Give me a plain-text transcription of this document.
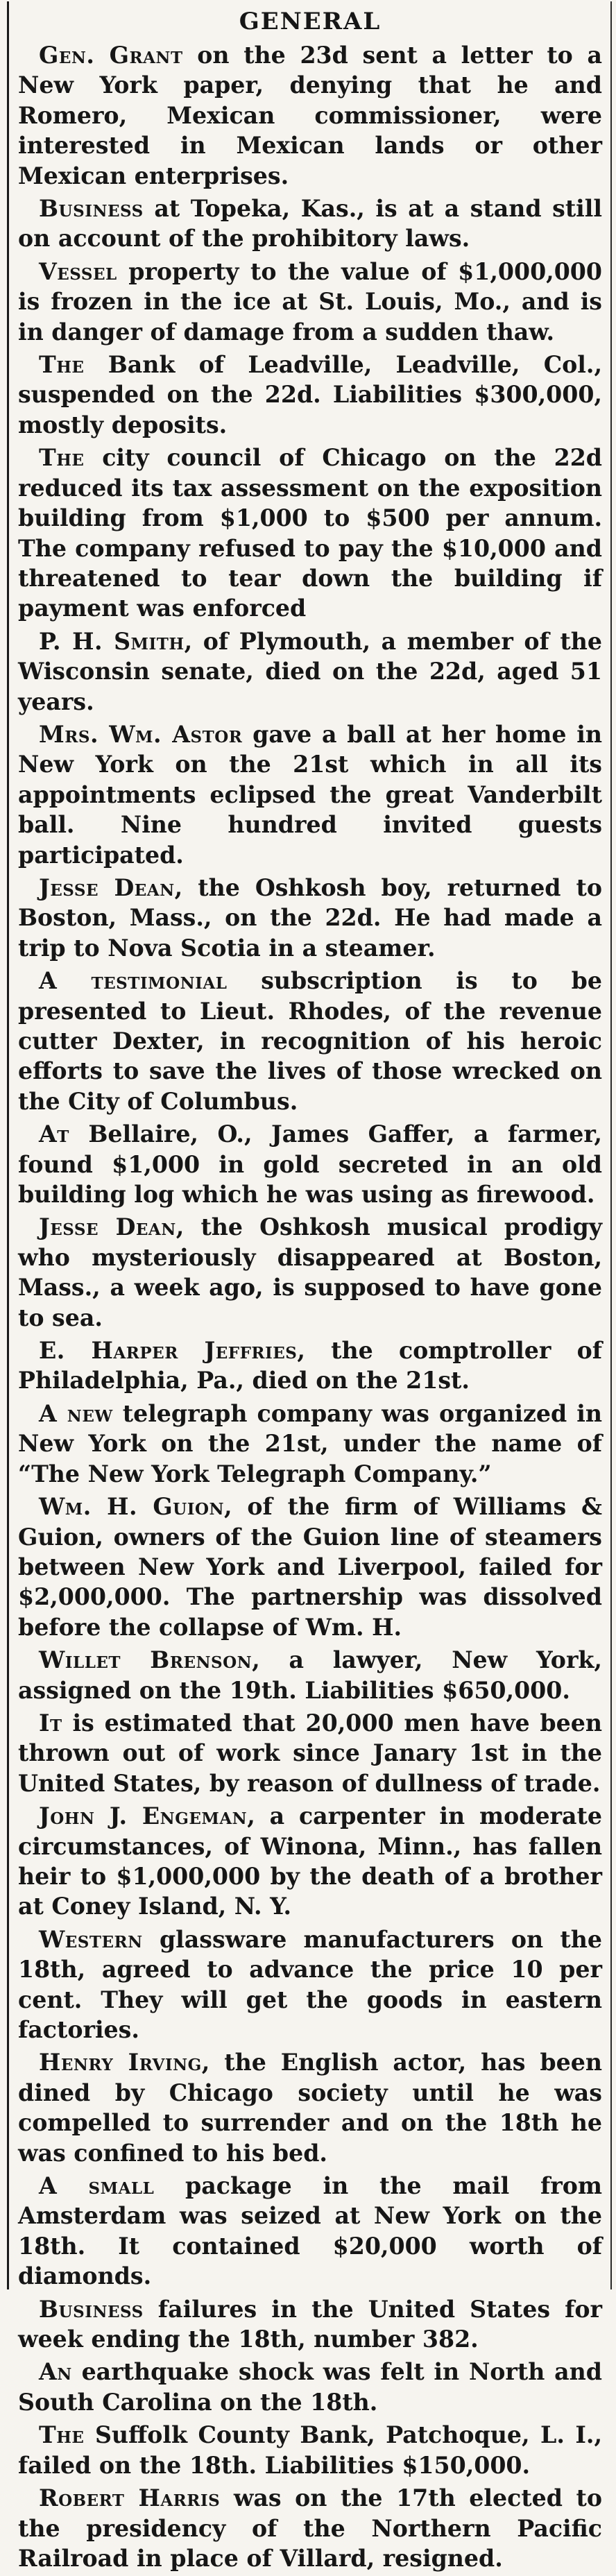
GENERAL

Gen. Grant on the 23d sent a letter to a New York paper, denying that he and Romero, Mexican commissioner, were interested in Mexican lands or other Mexican enterprises.

Business at Topeka, Kas., is at a stand still on account of the prohibitory laws.

Vessel property to the value of $1,000,000 is frozen in the ice at St. Louis, Mo., and is in danger of damage from a sudden thaw.

The Bank of Leadville, Leadville, Col., suspended on the 22d. Liabilities $300,000, mostly deposits.

The city council of Chicago on the 22d reduced its tax assessment on the exposition building from $1,000 to $500 per annum. The company refused to pay the $10,000 and threatened to tear down the building if payment was enforced

P. H. Smith, of Plymouth, a member of the Wisconsin senate, died on the 22d, aged 51 years.

Mrs. Wm. Astor gave a ball at her home in New York on the 21st which in all its appointments eclipsed the great Vanderbilt ball. Nine hundred invited guests participated.

Jesse Dean, the Oshkosh boy, returned to Boston, Mass., on the 22d. He had made a trip to Nova Scotia in a steamer.

A testimonial subscription is to be presented to Lieut. Rhodes, of the revenue cutter Dexter, in recognition of his heroic efforts to save the lives of those wrecked on the City of Columbus.

At Bellaire, O., James Gaffer, a farmer, found $1,000 in gold secreted in an old building log which he was using as firewood.

Jesse Dean, the Oshkosh musical prodigy who mysteriously disappeared at Boston, Mass., a week ago, is supposed to have gone to sea.

E. Harper Jeffries, the comptroller of Philadelphia, Pa., died on the 21st.

A new telegraph company was organized in New York on the 21st, under the name of “The New York Telegraph Company.”

Wm. H. Guion, of the firm of Williams & Guion, owners of the Guion line of steamers between New York and Liverpool, failed for $2,000,000. The partnership was dissolved before the collapse of Wm. H.

Willet Brenson, a lawyer, New York, assigned on the 19th. Liabilities $650,000.

It is estimated that 20,000 men have been thrown out of work since Janary 1st in the United States, by reason of dullness of trade.

John J. Engeman, a carpenter in moderate circumstances, of Winona, Minn., has fallen heir to $1,000,000 by the death of a brother at Coney Island, N. Y.

Western glassware manufacturers on the 18th, agreed to advance the price 10 per cent. They will get the goods in eastern factories.

Henry Irving, the English actor, has been dined by Chicago society until he was compelled to surrender and on the 18th he was confined to his bed.

A small package in the mail from Amsterdam was seized at New York on the 18th. It contained $20,000 worth of diamonds.

Business failures in the United States for week ending the 18th, number 382.

An earthquake shock was felt in North and South Carolina on the 18th.

The Suffolk County Bank, Patchoque, L. I., failed on the 18th. Liabilities $150,000.

Robert Harris was on the 17th elected to the presidency of the Northern Pacific Railroad in place of Villard, resigned.
